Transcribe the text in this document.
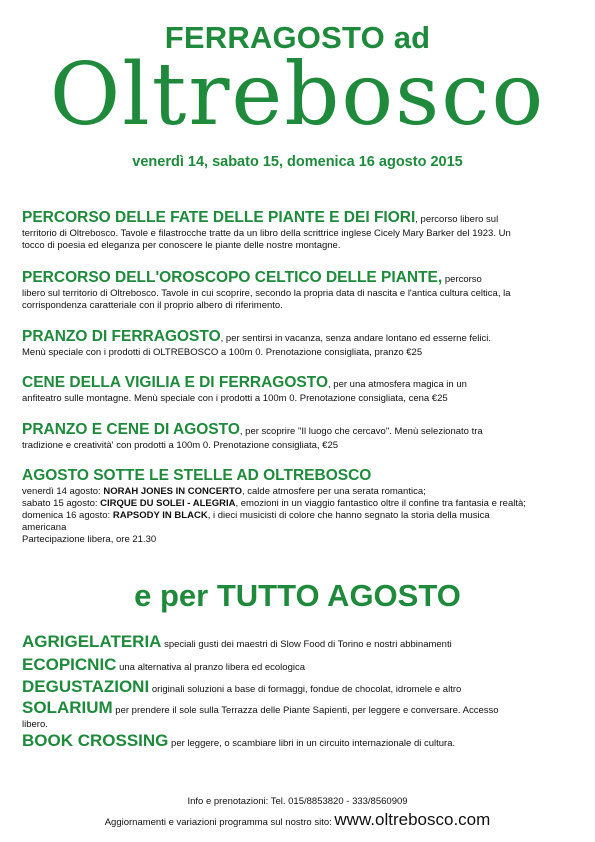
FERRAGOSTO ad
Oltrebosco
venerdì 14, sabato 15, domenica 16 agosto 2015
PERCORSO DELLE FATE DELLE PIANTE E DEI FIORI, percorso libero sul
territorio di Oltrebosco. Tavole e filastrocche tratte da un libro della scrittrice inglese Cicely Mary Barker del 1923. Un
tocco di poesia ed eleganza per conoscere le piante delle nostre montagne.
PERCORSO DELL'OROSCOPO CELTICO DELLE PIANTE, percorso
libero sul territorio di Oltrebosco. Tavole in cui scoprire, secondo la propria data di nascita e l'antica cultura celtica, la
corrispondenza caratteriale con il proprio albero di riferimento.
PRANZO DI FERRAGOSTO, per sentirsi in vacanza, senza andare lontano ed esserne felici.
Menù speciale con i prodotti di OLTREBOSCO a 100m 0. Prenotazione consigliata, pranzo €25
CENE DELLA VIGILIA E DI FERRAGOSTO, per una atmosfera magica in un
anfiteatro sulle montagne. Menù speciale con i prodotti a 100m 0. Prenotazione consigliata, cena €25
PRANZO E CENE DI AGOSTO, per scoprire "Il luogo che cercavo". Menù selezionato tra
tradizione e creatività' con prodotti a 100m 0. Prenotazione consigliata, €25
AGOSTO SOTTE LE STELLE AD OLTREBOSCO
venerdì 14 agosto: NORAH JONES IN CONCERTO, calde atmosfere per una serata romantica;
sabato 15 agosto: CIRQUE DU SOLEI - ALEGRIA, emozioni in un viaggio fantastico oltre il confine tra fantasia e realtà;
domenica 16 agosto: RAPSODY IN BLACK, i dieci musicisti di colore che hanno segnato la storia della musica
americana
Partecipazione libera, ore 21.30
e per TUTTO AGOSTO
AGRIGELATERIA speciali gusti dei maestri di Slow Food di Torino e nostri abbinamenti
ECOPICNIC una alternativa al pranzo libera ed ecologica
DEGUSTAZIONI originali soluzioni a base di formaggi, fondue de chocolat, idromele e altro
SOLARIUM per prendere il sole sulla Terrazza delle Piante Sapienti, per leggere e conversare. Accesso
libero.
BOOK CROSSING per leggere, o scambiare libri in un circuito internazionale di cultura.
Info e prenotazioni: Tel. 015/8853820 - 333/8560909
Aggiornamenti e variazioni programma sul nostro sito: www.oltrebosco.com
